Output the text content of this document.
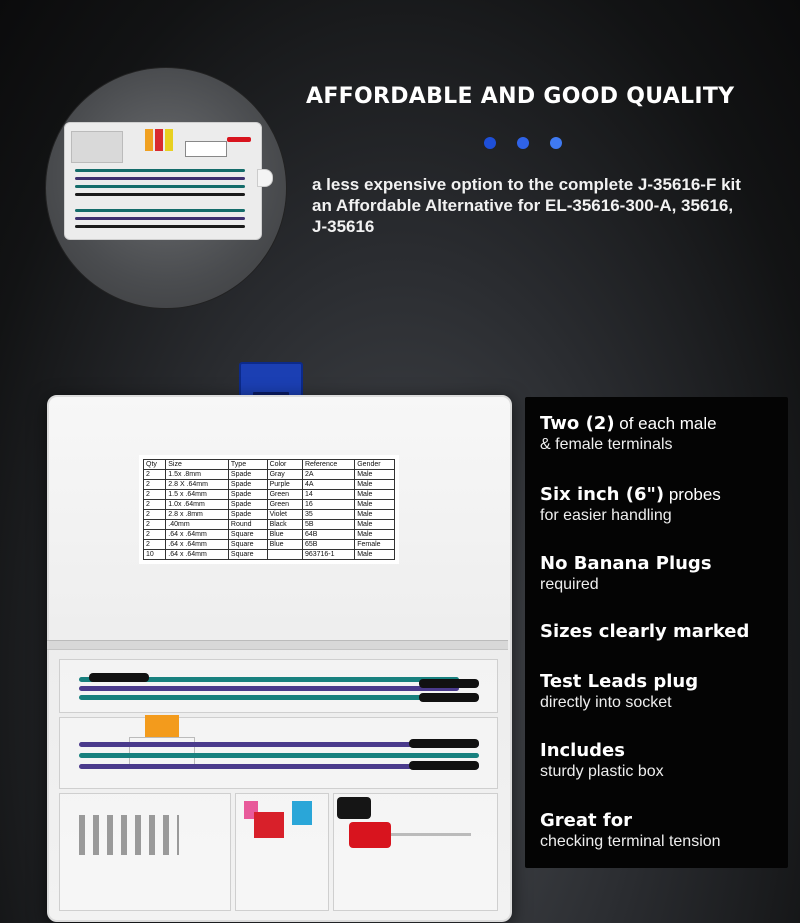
AFFORDABLE AND GOOD QUALITY
a less expensive option to the complete J-35616-F kit
an Affordable Alternative for EL-35616-300-A, 35616,
J-35616
Qty	Size	Type	Color	Reference	Gender
2	1.5x .8mm	Spade	Gray	2A	Male
2	2.8 X .64mm	Spade	Purple	4A	Male
2	1.5 x .64mm	Spade	Green	14	Male
2	1.0x .64mm	Spade	Green	16	Male
2	2.8 x .8mm	Spade	Violet	35	Male
2	.40mm	Round	Black	5B	Male
2	.64 x .64mm	Square	Blue	64B	Male
2	.64 x .64mm	Square	Blue	65B	Female
10	.64 x .64mm	Square		963716-1	Male
Two (2) of each male
& female terminals
Six inch (6") probes
for easier handling
No Banana Plugs
required
Sizes clearly marked
Test Leads plug
directly into socket
Includes
sturdy plastic box
Great for
checking terminal tension
